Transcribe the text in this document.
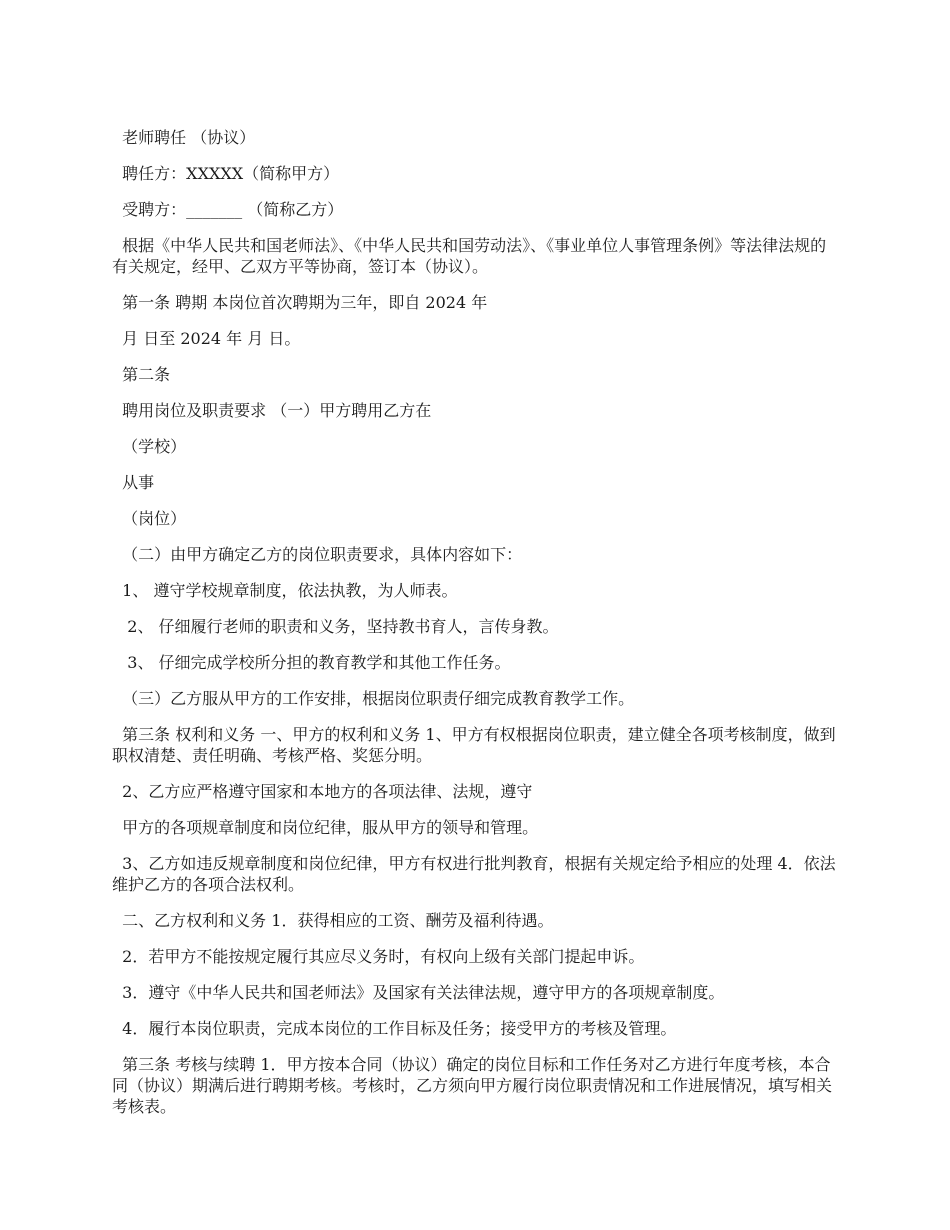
老师聘任 （协议）

聘任方：XXXXX（简称甲方）

受聘方：_______ （简称乙方）

根据《中华人民共和国老师法》、《中华人民共和国劳动法》、《事业单位人事管理条例》等法律法规的有关规定，经甲、乙双方平等协商，签订本（协议）。

第一条 聘期 本岗位首次聘期为三年，即自 2024 年

月 日至 2024 年 月 日。

第二条

聘用岗位及职责要求 （一）甲方聘用乙方在

（学校）

从事

（岗位）

（二）由甲方确定乙方的岗位职责要求，具体内容如下：

1、 遵守学校规章制度，依法执教，为人师表。

2、 仔细履行老师的职责和义务，坚持教书育人，言传身教。

3、 仔细完成学校所分担的教育教学和其他工作任务。

（三）乙方服从甲方的工作安排，根据岗位职责仔细完成教育教学工作。

第三条 权利和义务 一、甲方的权利和义务 1、甲方有权根据岗位职责，建立健全各项考核制度，做到职权清楚、责任明确、考核严格、奖惩分明。

2、乙方应严格遵守国家和本地方的各项法律、法规，遵守

甲方的各项规章制度和岗位纪律，服从甲方的领导和管理。

3、乙方如违反规章制度和岗位纪律，甲方有权进行批判教育，根据有关规定给予相应的处理 4．依法维护乙方的各项合法权利。

二、乙方权利和义务 1．获得相应的工资、酬劳及福利待遇。

2．若甲方不能按规定履行其应尽义务时，有权向上级有关部门提起申诉。

3．遵守《中华人民共和国老师法》及国家有关法律法规，遵守甲方的各项规章制度。

4．履行本岗位职责，完成本岗位的工作目标及任务；接受甲方的考核及管理。

第三条 考核与续聘 1．甲方按本合同（协议）确定的岗位目标和工作任务对乙方进行年度考核，本合同（协议）期满后进行聘期考核。考核时，乙方须向甲方履行岗位职责情况和工作进展情况，填写相关考核表。
